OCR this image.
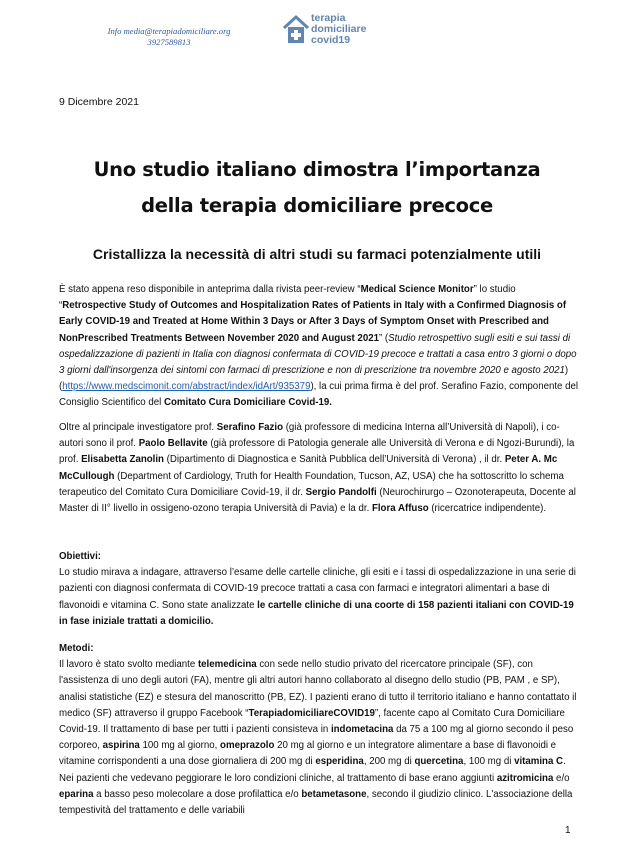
Info media@terapiadomiciliare.org
3927589813
terapia
domiciliare
covid19
9 Dicembre 2021
Uno studio italiano dimostra l’importanza
della terapia domiciliare precoce
Cristallizza la necessità di altri studi su farmaci potenzialmente utili

È stato appena reso disponibile in anteprima dalla rivista peer-review “Medical Science Monitor” lo studio “Retrospective Study of Outcomes and Hospitalization Rates of Patients in Italy with a Confirmed Diagnosis of Early COVID-19 and Treated at Home Within 3 Days or After 3 Days of Symptom Onset with Prescribed and NonPrescribed Treatments Between November 2020 and August 2021” (Studio retrospettivo sugli esiti e sui tassi di ospedalizzazione di pazienti in Italia con diagnosi confermata di COVID-19 precoce e trattati a casa entro 3 giorni o dopo 3 giorni dall'insorgenza dei sintomi con farmaci di prescrizione e non di prescrizione tra novembre 2020 e agosto 2021) (https://www.medscimonit.com/abstract/index/idArt/935379), la cui prima firma è del prof. Serafino Fazio, componente del Consiglio Scientifico del Comitato Cura Domiciliare Covid-19.

Oltre al principale investigatore prof. Serafino Fazio (già professore di medicina Interna all’Università di Napoli), i co-autori sono il prof. Paolo Bellavite (già professore di Patologia generale alle Università di Verona e di Ngozi-Burundi), la prof. Elisabetta Zanolin (Dipartimento di Diagnostica e Sanità Pubblica dell’Università di Verona) , il dr. Peter A. Mc McCullough (Department of Cardiology, Truth for Health Foundation, Tucson, AZ, USA) che ha sottoscritto lo schema terapeutico del Comitato Cura Domiciliare Covid-19, il dr. Sergio Pandolfi (Neurochirurgo – Ozonoterapeuta, Docente al Master di II° livello in ossigeno-ozono terapia Università di Pavia) e la dr. Flora Affuso (ricercatrice indipendente).

Obiettivi:

Lo studio mirava a indagare, attraverso l’esame delle cartelle cliniche, gli esiti e i tassi di ospedalizzazione in una serie di pazienti con diagnosi confermata di COVID-19 precoce trattati a casa con farmaci e integratori alimentari a base di flavonoidi e vitamina C. Sono state analizzate le cartelle cliniche di una coorte di 158 pazienti italiani con COVID-19 in fase iniziale trattati a domicilio.

Metodi:

Il lavoro è stato svolto mediante telemedicina con sede nello studio privato del ricercatore principale (SF), con l'assistenza di uno degli autori (FA), mentre gli altri autori hanno collaborato al disegno dello studio (PB, PAM , e SP), analisi statistiche (EZ) e stesura del manoscritto (PB, EZ). I pazienti erano di tutto il territorio italiano e hanno contattato il medico (SF) attraverso il gruppo Facebook “TerapiadomiciliareCOVID19”, facente capo al Comitato Cura Domiciliare Covid-19. Il trattamento di base per tutti i pazienti consisteva in indometacina da 75 a 100 mg al giorno secondo il peso corporeo, aspirina 100 mg al giorno, omeprazolo 20 mg al giorno e un integratore alimentare a base di flavonoidi e vitamine corrispondenti a una dose giornaliera di 200 mg di esperidina, 200 mg di quercetina, 100 mg di vitamina C. Nei pazienti che vedevano peggiorare le loro condizioni cliniche, al trattamento di base erano aggiunti azitromicina e/o eparina a basso peso molecolare a dose profilattica e/o betametasone, secondo il giudizio clinico. L'associazione della tempestività del trattamento e delle variabili

1
